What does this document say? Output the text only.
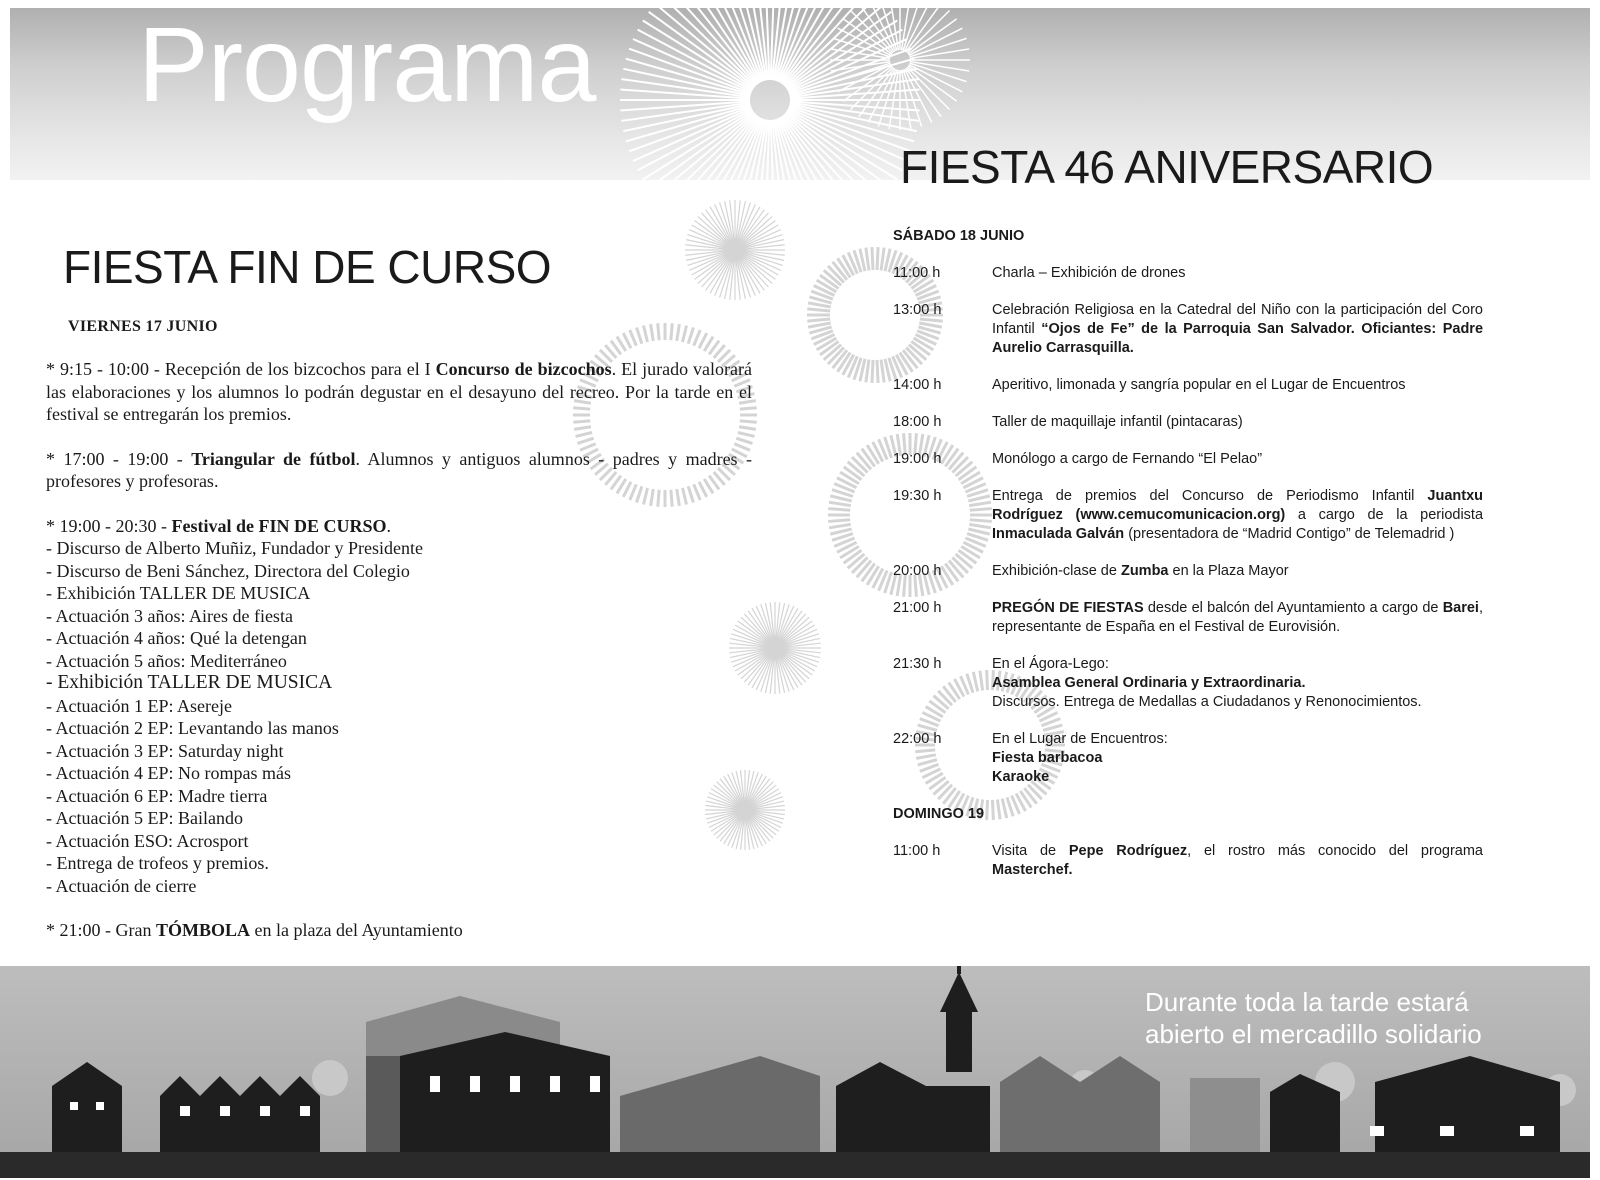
Programa
FIESTA FIN DE CURSO
VIERNES 17 JUNIO

* 9:15 - 10:00 - Recepción de los bizcochos para el I Concurso de bizcochos. El jurado valorará las elaboraciones y los alumnos lo podrán degustar en el desayuno del recreo. Por la tarde en el festival se entregarán los premios.

* 17:00 - 19:00 - Triangular de fútbol. Alumnos y antiguos alumnos - padres y madres - profesores y profesoras.

* 19:00 - 20:30 - Festival de FIN DE CURSO.
- Discurso de Alberto Muñiz, Fundador y Presidente
- Discurso de Beni Sánchez, Directora del Colegio
- Exhibición TALLER DE MUSICA
- Actuación 3 años: Aires de fiesta
- Actuación 4 años: Qué la detengan
- Actuación 5 años: Mediterráneo
- Exhibición TALLER DE MUSICA
- Actuación 1 EP: Asereje
- Actuación 2 EP: Levantando las manos
- Actuación 3 EP: Saturday night
- Actuación 4 EP: No rompas más
- Actuación 6 EP: Madre tierra
- Actuación 5 EP: Bailando
- Actuación ESO: Acrosport
- Entrega de trofeos y premios.
- Actuación de cierre

* 21:00 - Gran TÓMBOLA en la plaza del Ayuntamiento

FIESTA 46 ANIVERSARIO
SÁBADO 18 JUNIO
11:00 h	Charla – Exhibición de drones
13:00 h	Celebración Religiosa en la Catedral del Niño con la participación del Coro Infantil “Ojos de Fe” de la Parroquia San Salvador. Oficiantes: Padre Aurelio Carrasquilla.
14:00 h	Aperitivo, limonada y sangría popular en el Lugar de Encuentros
18:00 h	Taller de maquillaje infantil (pintacaras)
19:00 h	Monólogo a cargo de Fernando “El Pelao”
19:30 h	Entrega de premios del Concurso de Periodismo Infantil Juantxu Rodríguez (www.cemucomunicacion.org) a cargo de la periodista Inmaculada Galván (presentadora de “Madrid Contigo” de Telemadrid )
20:00 h	Exhibición-clase de Zumba en la Plaza Mayor
21:00 h	PREGÓN DE FIESTAS desde el balcón del Ayuntamiento a cargo de Barei, representante de España en el Festival de Eurovisión.
21:30 h	En el Ágora-Lego:
Asamblea General Ordinaria y Extraordinaria.
Discursos. Entrega de Medallas a Ciudadanos y Renonocimientos.
22:00 h	En el Lugar de Encuentros:
Fiesta barbacoa
Karaoke
DOMINGO 19
11:00 h	Visita de Pepe Rodríguez, el rostro más conocido del programa Masterchef.
Durante toda la tarde estará
abierto el mercadillo solidario
